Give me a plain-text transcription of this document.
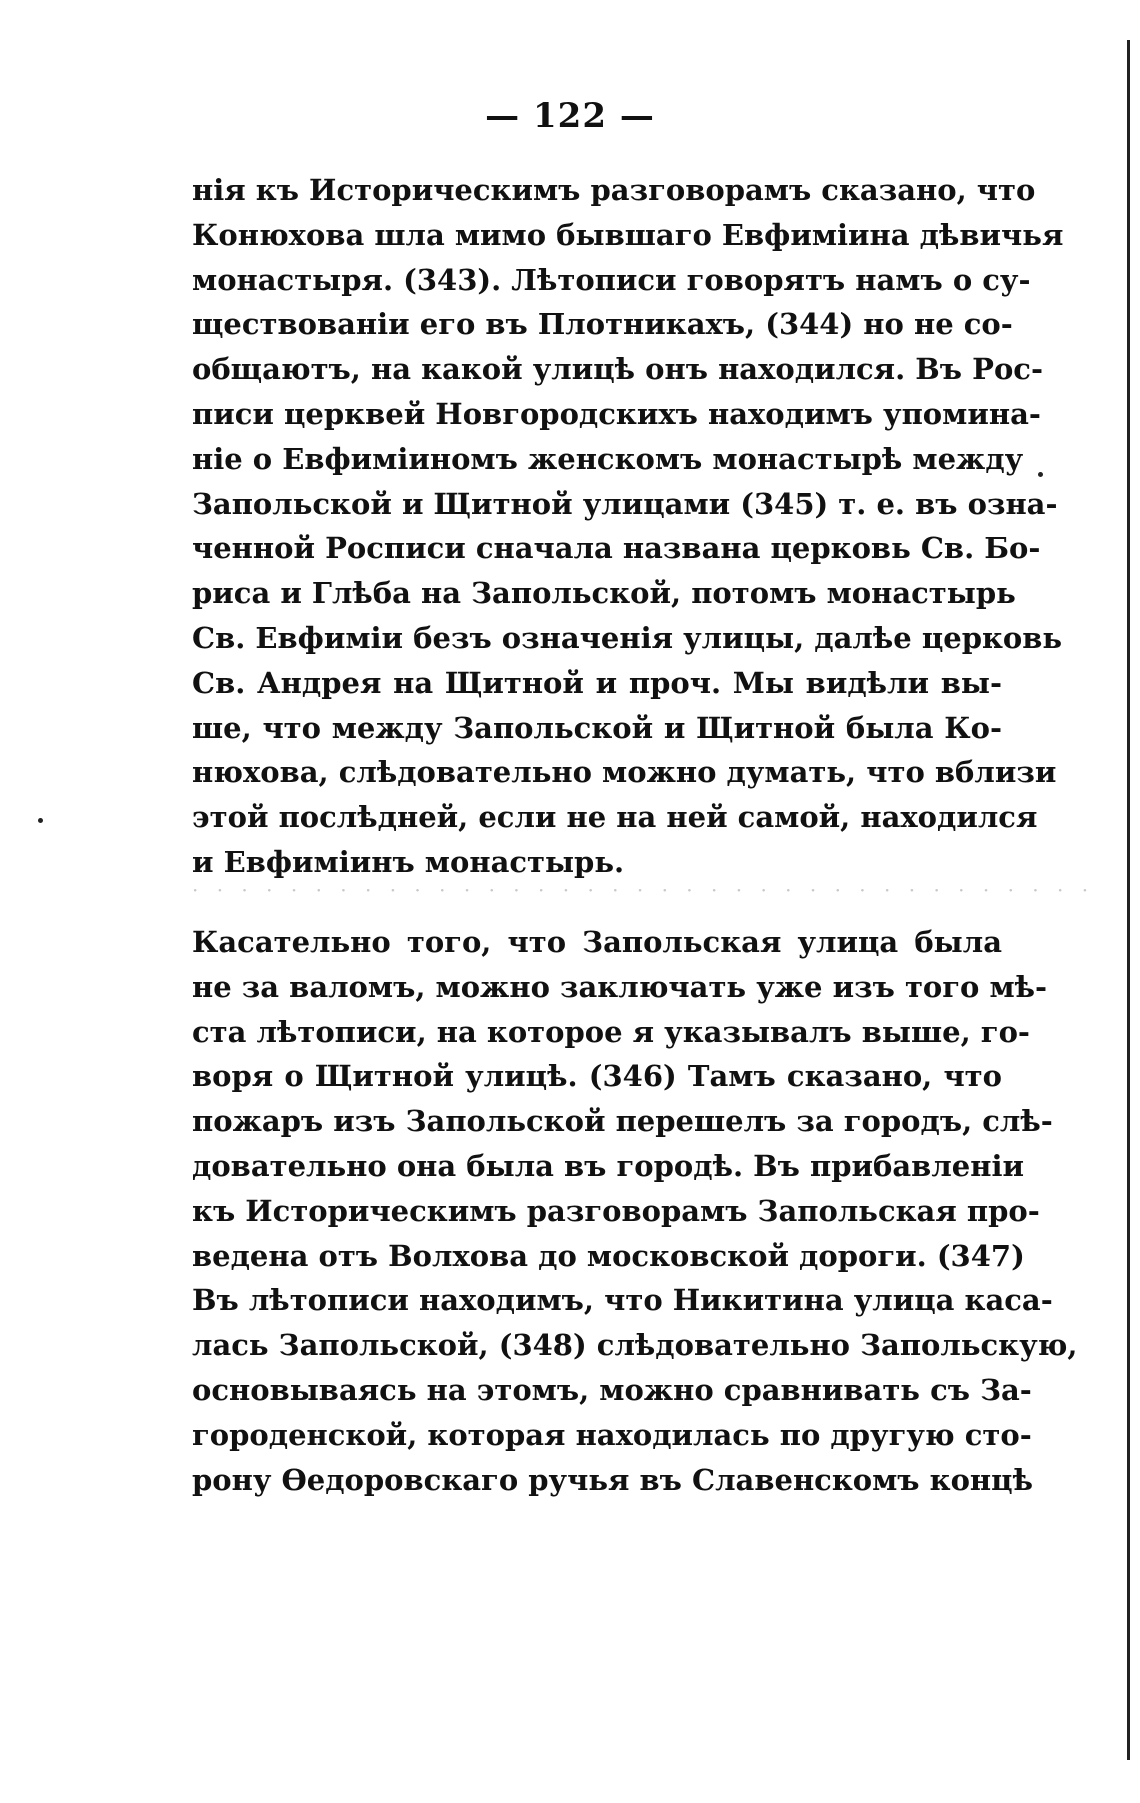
— 122 —
нія къ Историческимъ разговорамъ сказано, что
Конюхова шла мимо бывшаго Евфиміина дѣвичья
монастыря. (343). Лѣтописи говорятъ намъ о су-
ществованіи его въ Плотникахъ, (344) но не со-
общаютъ, на какой улицѣ онъ находился. Въ Рос-
писи церквей Новгородскихъ находимъ упомина-
ніе о Евфиміиномъ женскомъ монастырѣ между
Запольской и Щитной улицами (345) т. е. въ озна-
ченной Росписи сначала названа церковь Св. Бо-
риса и Глѣба на Запольской, потомъ монастырь
Св. Евфиміи безъ означенія улицы, далѣе церковь
Св. Андрея на Щитной и проч. Мы видѣли вы-
ше, что между Запольской и Щитной была Ко-
нюхова, слѣдовательно можно думать, что вблизи
этой послѣдней, если не на ней самой, находился
и Евфиміинъ монастырь.
· · · · · · · · · · · · · · · · · · · · · · · · · · · · · · · · · · · · ·
Касательно того, что Запольская улица была
не за валомъ, можно заключать уже изъ того мѣ-
ста лѣтописи, на которое я указывалъ выше, го-
воря о Щитной улицѣ. (346) Тамъ сказано, что
пожаръ изъ Запольской перешелъ за городъ, слѣ-
довательно она была въ городѣ. Въ прибавленіи
къ Историческимъ разговорамъ Запольская про-
ведена отъ Волхова до московской дороги. (347)
Въ лѣтописи находимъ, что Никитина улица каса-
лась Запольской, (348) слѣдовательно Запольскую,
основываясь на этомъ, можно сравнивать съ За-
городенской, которая находилась по другую сто-
рону Өедоровскаго ручья въ Славенскомъ концѣ
